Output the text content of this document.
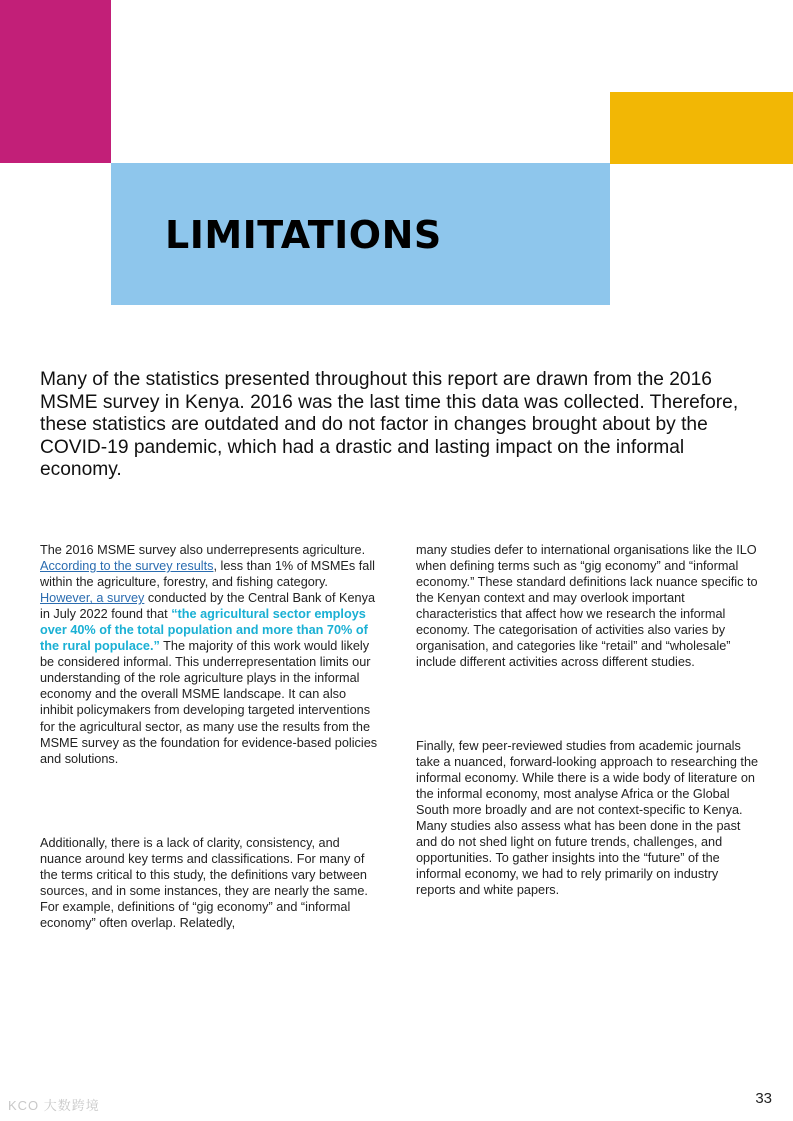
LIMITATIONS

Many of the statistics presented throughout this report are drawn from the 2016 MSME survey in Kenya. 2016 was the last time this data was collected. Therefore, these statistics are outdated and do not factor in changes brought about by the COVID-19 pandemic, which had a drastic and lasting impact on the informal economy.

The 2016 MSME survey also underrepresents agriculture. According to the survey results, less than 1% of MSMEs fall within the agriculture, forestry, and fishing category. However, a survey conducted by the Central Bank of Kenya in July 2022 found that “the agricultural sector employs over 40% of the total population and more than 70% of the rural populace.” The majority of this work would likely be considered informal. This underrepresentation limits our understanding of the role agriculture plays in the informal economy and the overall MSME landscape. It can also inhibit policymakers from developing targeted interventions for the agricultural sector, as many use the results from the MSME survey as the foundation for evidence-based policies and solutions.

Additionally, there is a lack of clarity, consistency, and nuance around key terms and classifications. For many of the terms critical to this study, the definitions vary between sources, and in some instances, they are nearly the same. For example, definitions of “gig economy” and “informal economy” often overlap. Relatedly,

many studies defer to international organisations like the ILO when defining terms such as “gig economy” and “informal economy.” These standard definitions lack nuance specific to the Kenyan context and may overlook important characteristics that affect how we research the informal economy. The categorisation of activities also varies by organisation, and categories like “retail” and “wholesale” include different activities across different studies.

Finally, few peer-reviewed studies from academic journals take a nuanced, forward-looking approach to researching the informal economy. While there is a wide body of literature on the informal economy, most analyse Africa or the Global South more broadly and are not context-specific to Kenya. Many studies also assess what has been done in the past and do not shed light on future trends, challenges, and opportunities. To gather insights into the “future” of the informal economy, we had to rely primarily on industry reports and white papers.

KCO 大数跨境	33
